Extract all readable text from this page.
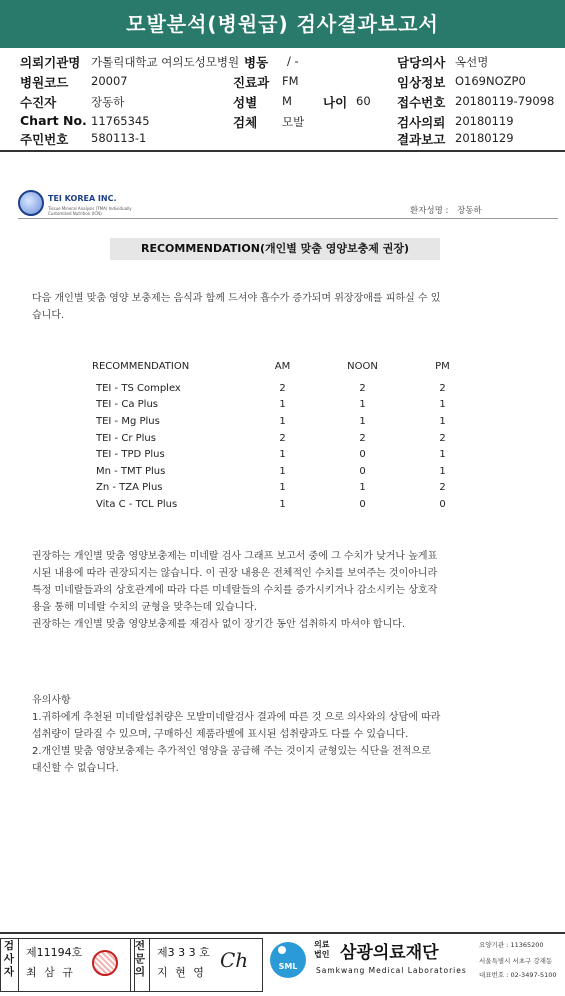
모발분석(병원급) 검사결과보고서
의뢰기관명 가톨릭대학교 여의도성모병원
병원코드 20007
수진자	장동하
Chart No. 11765345
주민번호 580113-1
병동 / -
진료과 FM
성별 M
검체 모발
나이 60
담당의사 옥선명
임상정보 O169NOZP0
접수번호 20180119-79098
검사의뢰 20180119
결과보고 20180129
TEI KOREA INC.
Tissue Mineral Analysis (TMA) Individually Customized Nutrition (ICN)	환자성명 : 장동하
RECOMMENDATION(개인별 맞춤 영양보충제 권장)
다음 개인별 맞춤 영양 보충제는 음식과 함께 드셔야 흡수가 증가되며 위장장애를 피하실 수 있
습니다.
RECOMMENDATION	AM	NOON	PM
TEI - TS Complex	2	2	2
TEI - Ca Plus	1	1	1
TEI - Mg Plus	1	1	1
TEI - Cr Plus	2	2	2
TEI - TPD Plus	1	0	1
Mn - TMT Plus	1	0	1
Zn - TZA Plus	1	1	2
Vita C - TCL Plus	1	0	0
권장하는 개인별 맞춤 영양보충제는 미네랄 검사 그래프 보고서 중에 그 수치가 낮거나 높게표
시된 내용에 따라 권장되지는 않습니다. 이 권장 내용은 전체적인 수치를 보여주는 것이아니라
특정 미네랄들과의 상호관계에 따라 다른 미네랄들의 수치를 증가시키거나 감소시키는 상호작
용을 통해 미네랄 수치의 균형을 맞추는데 있습니다.
권장하는 개인별 맞춤 영양보충제를 재검사 없이 장기간 동안 섭취하지 마셔야 합니다.
유의사항
1.귀하에게 추천된 미네랄섭취량은 모발미네랄검사 결과에 따른 것 으로 의사와의 상담에 따라
섭취량이 달라질 수 있으며, 구매하신 제품라벨에 표시된 섭취량과도 다를 수 있습니다.
2.개인별 맞춤 영양보충제는 추가적인 영양을 공급해 주는 것이지 균형있는 식단을 전적으로
대신할 수 없습니다.
검사자
제11194호
최 삼 규
전문의
제3 3 3 호
지 현 영
Ch	SML
의료
법인 삼광의료재단
Samkwang Medical Laboratories
요양기관 : 11365200
서울특별시 서초구 강재동
대표번호 : 02-3497-5100
